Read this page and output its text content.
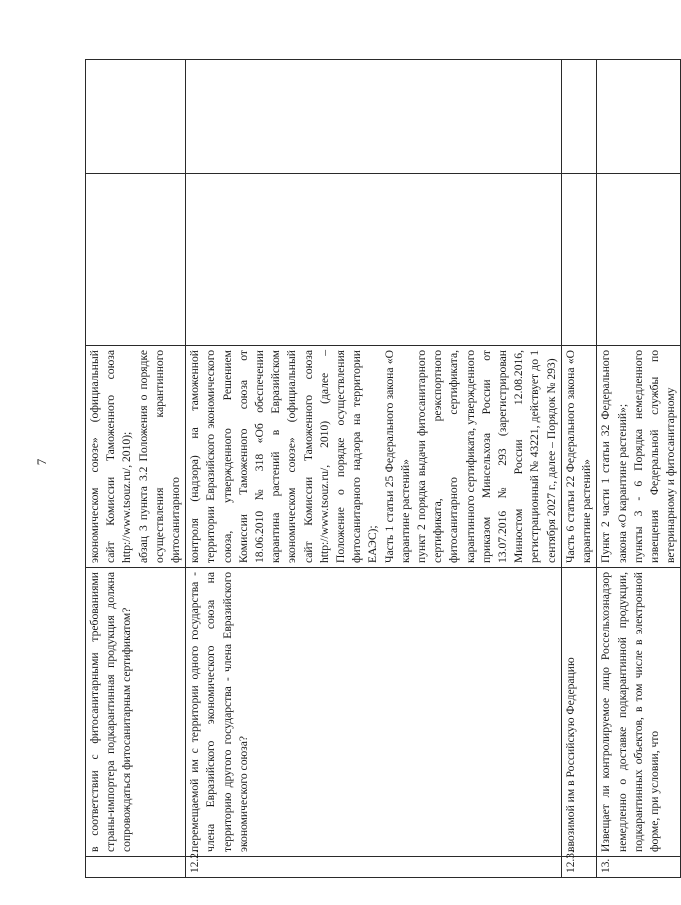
7

	в соответствии с фитосанитарными требованиями страны-импортера подкарантинная продукция должна сопровождаться фитосанитарным сертификатом?	экономическом союзе» (официальный сайт Комиссии Таможенного союза http://www.tsouz.ru/, 2010); абзац 3 пункта 3.2 Положения о порядке осуществления карантинного фитосанитарного		

12.2.	перемещаемой им с территории одного государства - члена Евразийского экономического союза на территорию другого государства - члена Евразийского экономического союза?	контроля (надзора) на таможенной территории Евразийского экономического союза, утвержденного Решением Комиссии Таможенного союза от 18.06.2010 № 318 «Об обеспечении карантина растений в Евразийском экономическом союзе» (официальный сайт Комиссии Таможенного союза http://www.tsouz.ru/, 2010) (далее – Положение о порядке осуществления фитосанитарного надзора на территории ЕАЭС); Часть 1 статьи 25 Федерального закона «О карантине растений» пункт 2 порядка выдачи фитосанитарного сертификата, реэкспортного фитосанитарного сертификата, карантинного сертификата, утвержденного приказом Минсельхоза России от 13.07.2016 № 293 (зарегистрирован Минюстом России 12.08.2016, регистрационный № 43221, действует до 1 сентября 2027 г., далее – Порядок № 293)		

12.3.	ввозимой им в Российскую Федерацию	Часть 6 статьи 22 Федерального закона «О карантине растений»		

13.	Извещает ли контролируемое лицо Россельхознадзор немедленно о доставке подкарантинной продукции, подкарантинных объектов, в том числе в электронной форме, при условии, что	Пункт 2 части 1 статьи 32 Федерального закона «О карантине растений»; пункты 3 - 6 Порядка немедленного извещения Федеральной службы по ветеринарному и фитосанитарному		
